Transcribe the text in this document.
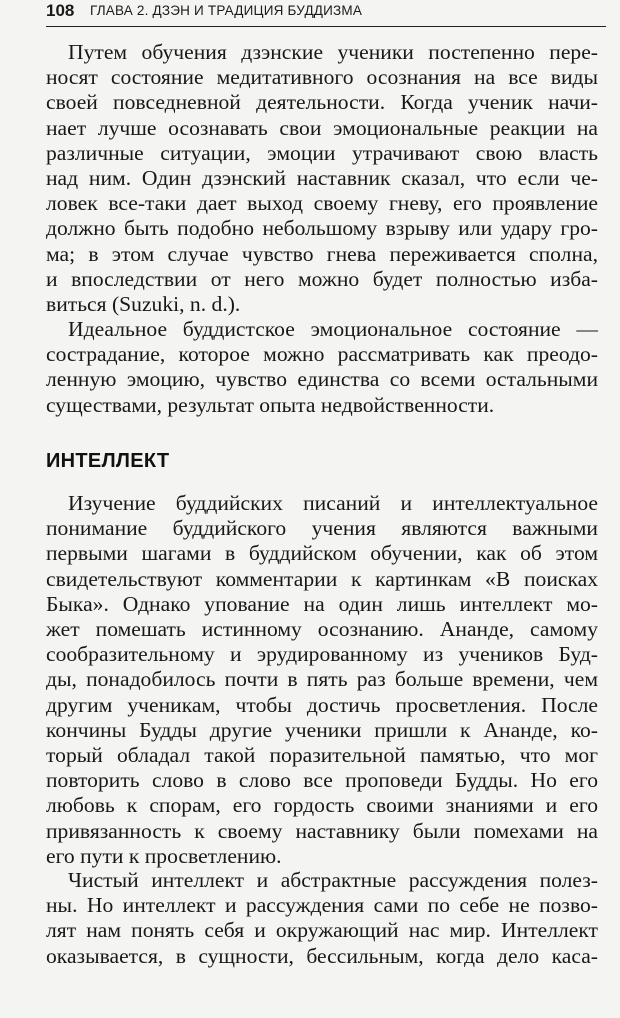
108 ГЛАВА 2. ДЗЭН И ТРАДИЦИЯ БУДДИЗМА

Путем обучения дзэнские ученики постепенно пере-
носят состояние медитативного осознания на все виды
своей повседневной деятельности. Когда ученик начи-
нает лучше осознавать свои эмоциональные реакции на
различные ситуации, эмоции утрачивают свою власть
над ним. Один дзэнский наставник сказал, что если че-
ловек все-таки дает выход своему гневу, его проявление
должно быть подобно небольшому взрыву или удару гро-
ма; в этом случае чувство гнева переживается сполна,
и впоследствии от него можно будет полностью изба-
виться (Suzuki, n. d.).

Идеальное буддистское эмоциональное состояние —
сострадание, которое можно рассматривать как преодо-
ленную эмоцию, чувство единства со всеми остальными
существами, результат опыта недвойственности.

ИНТЕЛЛЕКТ

Изучение буддийских писаний и интеллектуальное
понимание буддийского учения являются важными
первыми шагами в буддийском обучении, как об этом
свидетельствуют комментарии к картинкам «В поисках
Быка». Однако упование на один лишь интеллект мо-
жет помешать истинному осознанию. Ананде, самому
сообразительному и эрудированному из учеников Буд-
ды, понадобилось почти в пять раз больше времени, чем
другим ученикам, чтобы достичь просветления. После
кончины Будды другие ученики пришли к Ананде, ко-
торый обладал такой поразительной памятью, что мог
повторить слово в слово все проповеди Будды. Но его
любовь к спорам, его гордость своими знаниями и его
привязанность к своему наставнику были помехами на
его пути к просветлению.

Чистый интеллект и абстрактные рассуждения полез-
ны. Но интеллект и рассуждения сами по себе не позво-
лят нам понять себя и окружающий нас мир. Интеллект
оказывается, в сущности, бессильным, когда дело каса-
